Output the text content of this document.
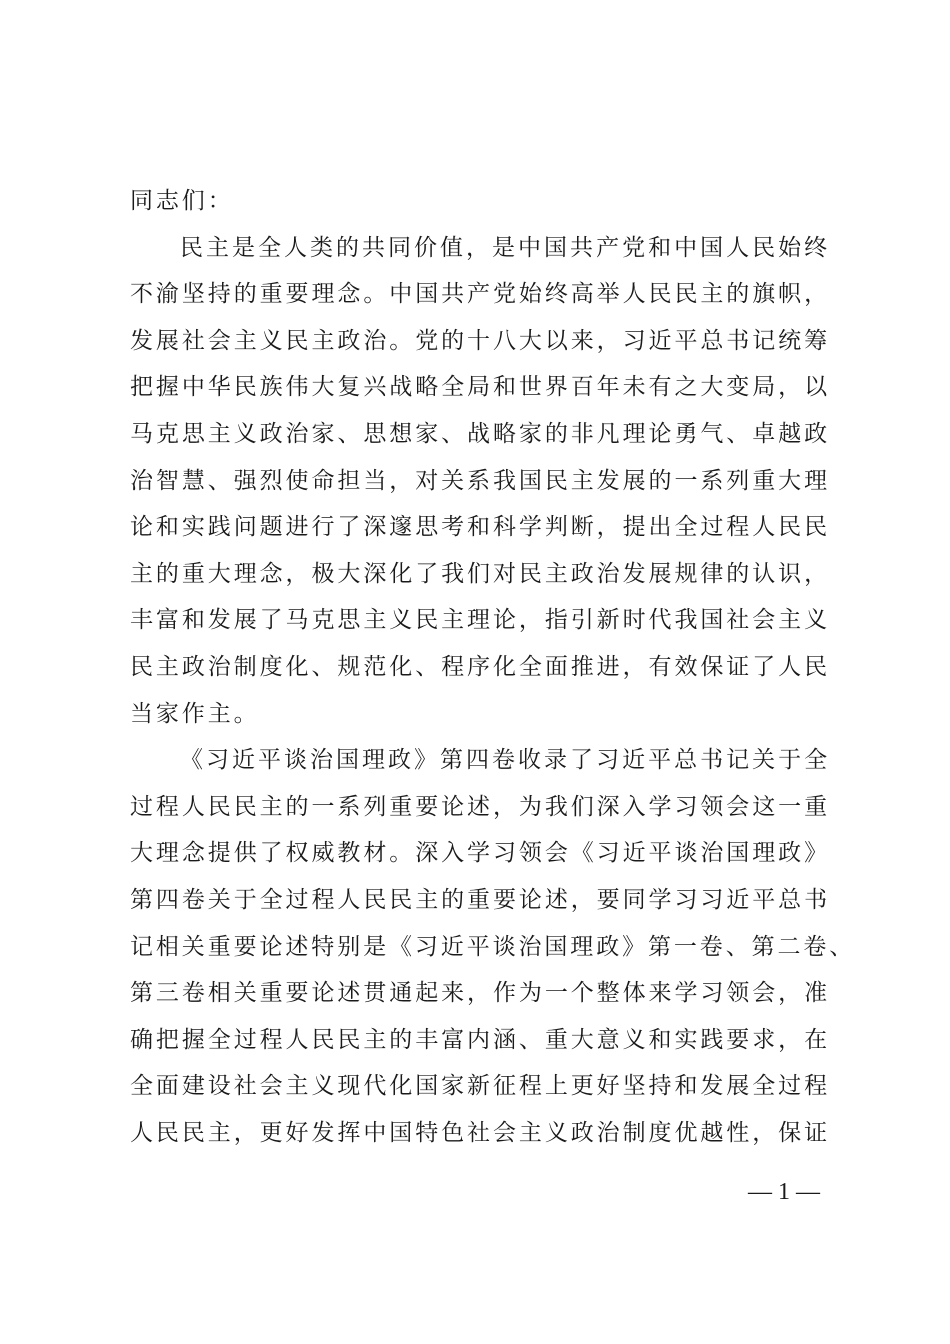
同志们：
民主是全人类的共同价值，是中国共产党和中国人民始终
不渝坚持的重要理念。中国共产党始终高举人民民主的旗帜，
发展社会主义民主政治。党的十八大以来，习近平总书记统筹
把握中华民族伟大复兴战略全局和世界百年未有之大变局，以
马克思主义政治家、思想家、战略家的非凡理论勇气、卓越政
治智慧、强烈使命担当，对关系我国民主发展的一系列重大理
论和实践问题进行了深邃思考和科学判断，提出全过程人民民
主的重大理念，极大深化了我们对民主政治发展规律的认识，
丰富和发展了马克思主义民主理论，指引新时代我国社会主义
民主政治制度化、规范化、程序化全面推进，有效保证了人民
当家作主。
《习近平谈治国理政》第四卷收录了习近平总书记关于全
过程人民民主的一系列重要论述，为我们深入学习领会这一重
大理念提供了权威教材。深入学习领会《习近平谈治国理政》
第四卷关于全过程人民民主的重要论述，要同学习习近平总书
记相关重要论述特别是《习近平谈治国理政》第一卷、第二卷、
第三卷相关重要论述贯通起来，作为一个整体来学习领会，准
确把握全过程人民民主的丰富内涵、重大意义和实践要求，在
全面建设社会主义现代化国家新征程上更好坚持和发展全过程
人民民主，更好发挥中国特色社会主义政治制度优越性，保证
— 1 —
